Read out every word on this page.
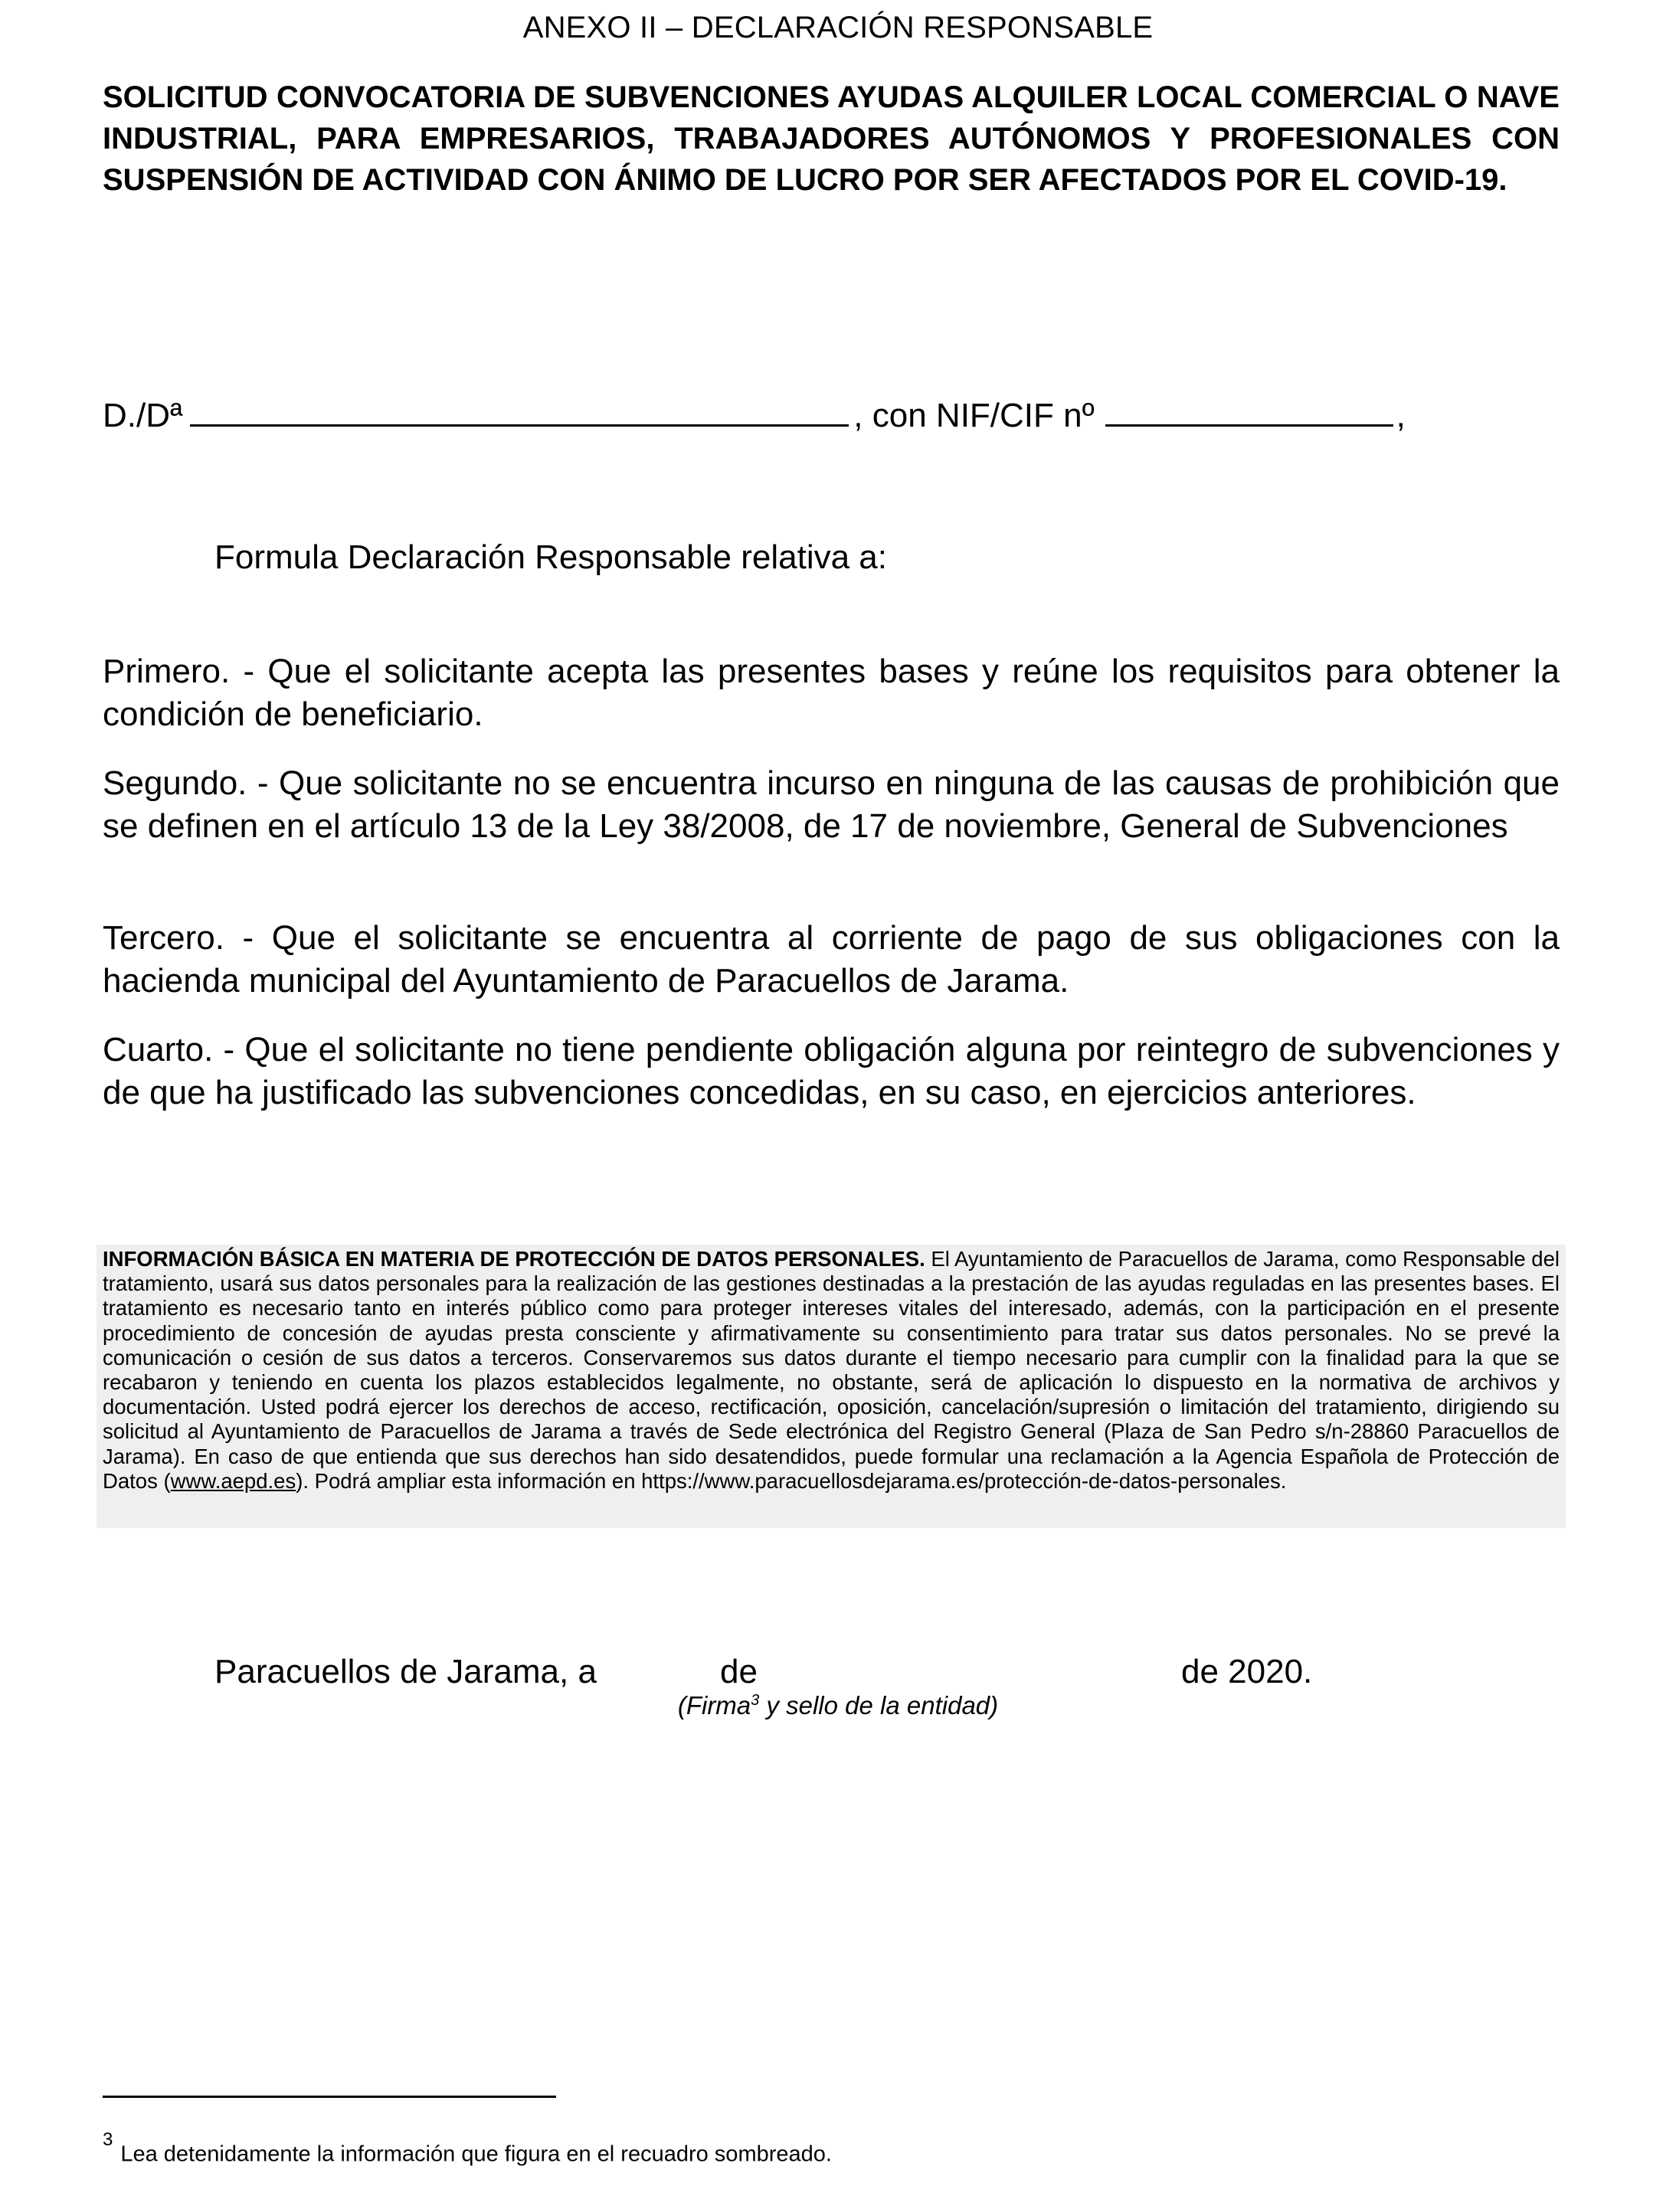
ANEXO II – DECLARACIÓN RESPONSABLE
SOLICITUD CONVOCATORIA DE SUBVENCIONES AYUDAS ALQUILER LOCAL COMERCIAL O NAVE INDUSTRIAL, PARA EMPRESARIOS, TRABAJADORES AUTÓNOMOS Y PROFESIONALES CON SUSPENSIÓN DE ACTIVIDAD CON ÁNIMO DE LUCRO POR SER AFECTADOS POR EL COVID-19.
D./Dª	, con NIF/CIF nº	,
Formula Declaración Responsable relativa a:
Primero. - Que el solicitante acepta las presentes bases y reúne los requisitos para obtener la condición de beneficiario.
Segundo. - Que solicitante no se encuentra incurso en ninguna de las causas de prohibición que se definen en el artículo 13 de la Ley 38/2008, de 17 de noviembre, General de Subvenciones
Tercero. - Que el solicitante se encuentra al corriente de pago de sus obligaciones con la hacienda municipal del Ayuntamiento de Paracuellos de Jarama.
Cuarto. - Que el solicitante no tiene pendiente obligación alguna por reintegro de subvenciones y de que ha justificado las subvenciones concedidas, en su caso, en ejercicios anteriores.
INFORMACIÓN BÁSICA EN MATERIA DE PROTECCIÓN DE DATOS PERSONALES. El Ayuntamiento de Paracuellos de Jarama, como Responsable del tratamiento, usará sus datos personales para la realización de las gestiones destinadas a la prestación de las ayudas reguladas en las presentes bases. El tratamiento es necesario tanto en interés público como para proteger intereses vitales del interesado, además, con la participación en el presente procedimiento de concesión de ayudas presta consciente y afirmativamente su consentimiento para tratar sus datos personales. No se prevé la comunicación o cesión de sus datos a terceros. Conservaremos sus datos durante el tiempo necesario para cumplir con la finalidad para la que se recabaron y teniendo en cuenta los plazos establecidos legalmente, no obstante, será de aplicación lo dispuesto en la normativa de archivos y documentación. Usted podrá ejercer los derechos de acceso, rectificación, oposición, cancelación/supresión o limitación del tratamiento, dirigiendo su solicitud al Ayuntamiento de Paracuellos de Jarama a través de Sede electrónica del Registro General (Plaza de San Pedro s/n-28860 Paracuellos de Jarama). En caso de que entienda que sus derechos han sido desatendidos, puede formular una reclamación a la Agencia Española de Protección de Datos (www.aepd.es). Podrá ampliar esta información en https://www.paracuellosdejarama.es/protección-de-datos-personales.
Paracuellos de Jarama, a	de	de 2020.
(Firma$^3$ y sello de la entidad)
$^3$Lea detenidamente la información que figura en el recuadro sombreado.
